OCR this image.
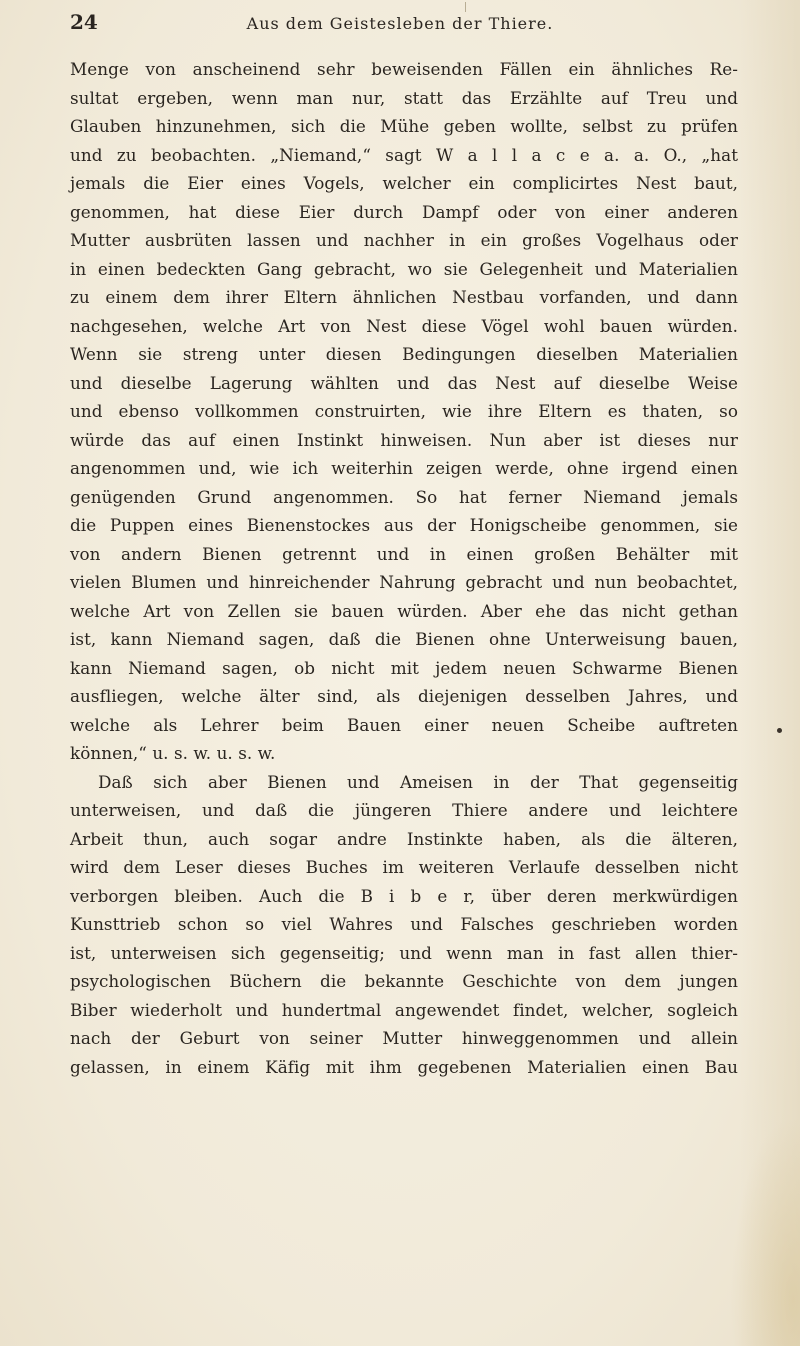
24	Aus dem Geistesleben der Thiere.
Menge von anscheinend sehr beweisenden Fällen ein ähnliches Re-
sultat ergeben, wenn man nur, statt das Erzählte auf Treu und
Glauben hinzunehmen, sich die Mühe geben wollte, selbst zu prüfen
und zu beobachten. „Niemand,“ sagt W a l l a c e a. a. O., „hat
jemals die Eier eines Vogels, welcher ein complicirtes Nest baut,
genommen, hat diese Eier durch Dampf oder von einer anderen
Mutter ausbrüten lassen und nachher in ein großes Vogelhaus oder
in einen bedeckten Gang gebracht, wo sie Gelegenheit und Materialien
zu einem dem ihrer Eltern ähnlichen Nestbau vorfanden, und dann
nachgesehen, welche Art von Nest diese Vögel wohl bauen würden.
Wenn sie streng unter diesen Bedingungen dieselben Materialien
und dieselbe Lagerung wählten und das Nest auf dieselbe Weise
und ebenso vollkommen construirten, wie ihre Eltern es thaten, so
würde das auf einen Instinkt hinweisen. Nun aber ist dieses nur
angenommen und, wie ich weiterhin zeigen werde, ohne irgend einen
genügenden Grund angenommen. So hat ferner Niemand jemals
die Puppen eines Bienenstockes aus der Honigscheibe genommen, sie
von andern Bienen getrennt und in einen großen Behälter mit
vielen Blumen und hinreichender Nahrung gebracht und nun beobachtet,
welche Art von Zellen sie bauen würden. Aber ehe das nicht gethan
ist, kann Niemand sagen, daß die Bienen ohne Unterweisung bauen,
kann Niemand sagen, ob nicht mit jedem neuen Schwarme Bienen
ausfliegen, welche älter sind, als diejenigen desselben Jahres, und
welche als Lehrer beim Bauen einer neuen Scheibe auftreten
können,“ u. s. w. u. s. w.
Daß sich aber Bienen und Ameisen in der That gegenseitig
unterweisen, und daß die jüngeren Thiere andere und leichtere
Arbeit thun, auch sogar andre Instinkte haben, als die älteren,
wird dem Leser dieses Buches im weiteren Verlaufe desselben nicht
verborgen bleiben. Auch die B i b e r, über deren merkwürdigen
Kunsttrieb schon so viel Wahres und Falsches geschrieben worden
ist, unterweisen sich gegenseitig; und wenn man in fast allen thier-
psychologischen Büchern die bekannte Geschichte von dem jungen
Biber wiederholt und hundertmal angewendet findet, welcher, sogleich
nach der Geburt von seiner Mutter hinweggenommen und allein
gelassen, in einem Käfig mit ihm gegebenen Materialien einen Bau
